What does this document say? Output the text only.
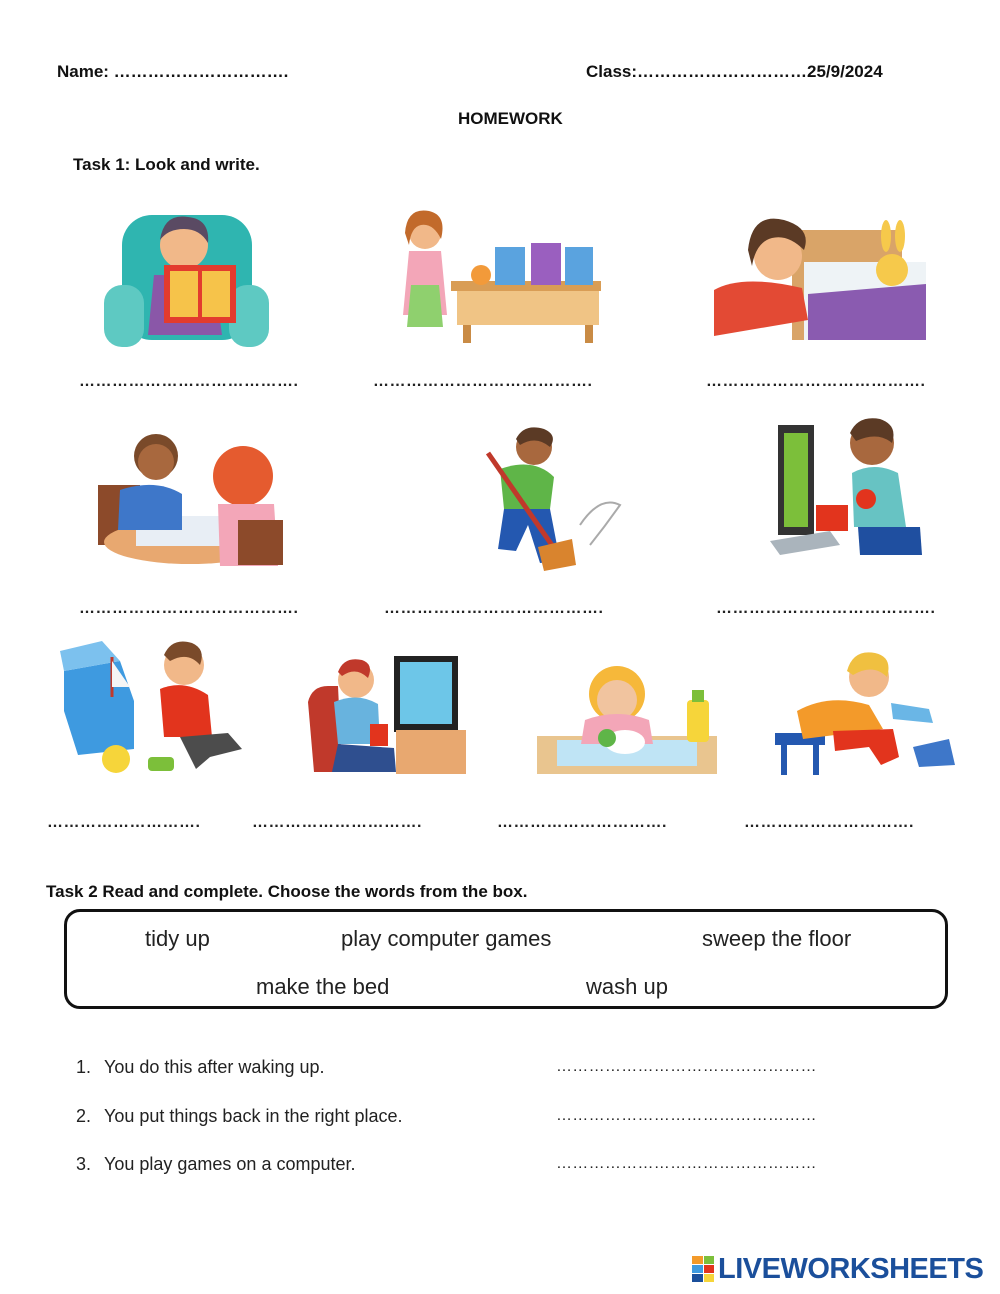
Name: ………………………….	Class:…………………………25/9/2024
HOMEWORK
Task 1: Look and write.
………………………………….	………………………………….	………………………………….
………………………………….	………………………………….	………………………………….
……………………….	………………………….	………………………….	………………………….
Task 2 Read and complete. Choose the words from the box.
tidy up	play computer games	sweep the floor
make the bed	wash up
1. You do this after waking up.	…………………………………………
2. You put things back in the right place.	…………………………………………
3. You play games on a computer.	…………………………………………
LIVEWORKSHEETS
